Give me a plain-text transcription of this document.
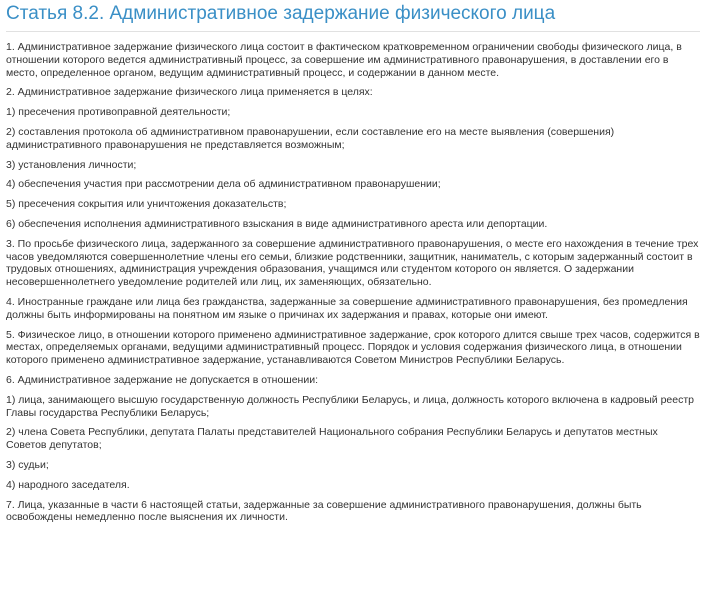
Статья 8.2. Административное задержание физического лица

1. Административное задержание физического лица состоит в фактическом кратковременном ограничении свободы физического лица, в отношении которого ведется административный процесс, за совершение им административного правонарушения, в доставлении его в место, определенное органом, ведущим административный процесс, и содержании в данном месте.

2. Административное задержание физического лица применяется в целях:

1) пресечения противоправной деятельности;

2) составления протокола об административном правонарушении, если составление его на месте выявления (совершения) административного правонарушения не представляется возможным;

3) установления личности;

4) обеспечения участия при рассмотрении дела об административном правонарушении;

5) пресечения сокрытия или уничтожения доказательств;

6) обеспечения исполнения административного взыскания в виде административного ареста или депортации.

3. По просьбе физического лица, задержанного за совершение административного правонарушения, о месте его нахождения в течение трех часов уведомляются совершеннолетние члены его семьи, близкие родственники, защитник, наниматель, с которым задержанный состоит в трудовых отношениях, администрация учреждения образования, учащимся или студентом которого он является. О задержании несовершеннолетнего уведомление родителей или лиц, их заменяющих, обязательно.

4. Иностранные граждане или лица без гражданства, задержанные за совершение административного правонарушения, без промедления должны быть информированы на понятном им языке о причинах их задержания и правах, которые они имеют.

5. Физическое лицо, в отношении которого применено административное задержание, срок которого длится свыше трех часов, содержится в местах, определяемых органами, ведущими административный процесс. Порядок и условия содержания физического лица, в отношении которого применено административное задержание, устанавливаются Советом Министров Республики Беларусь.

6. Административное задержание не допускается в отношении:

1) лица, занимающего высшую государственную должность Республики Беларусь, и лица, должность которого включена в кадровый реестр Главы государства Республики Беларусь;

2) члена Совета Республики, депутата Палаты представителей Национального собрания Республики Беларусь и депутатов местных Советов депутатов;

3) судьи;

4) народного заседателя.

7. Лица, указанные в части 6 настоящей статьи, задержанные за совершение административного правонарушения, должны быть освобождены немедленно после выяснения их личности.
